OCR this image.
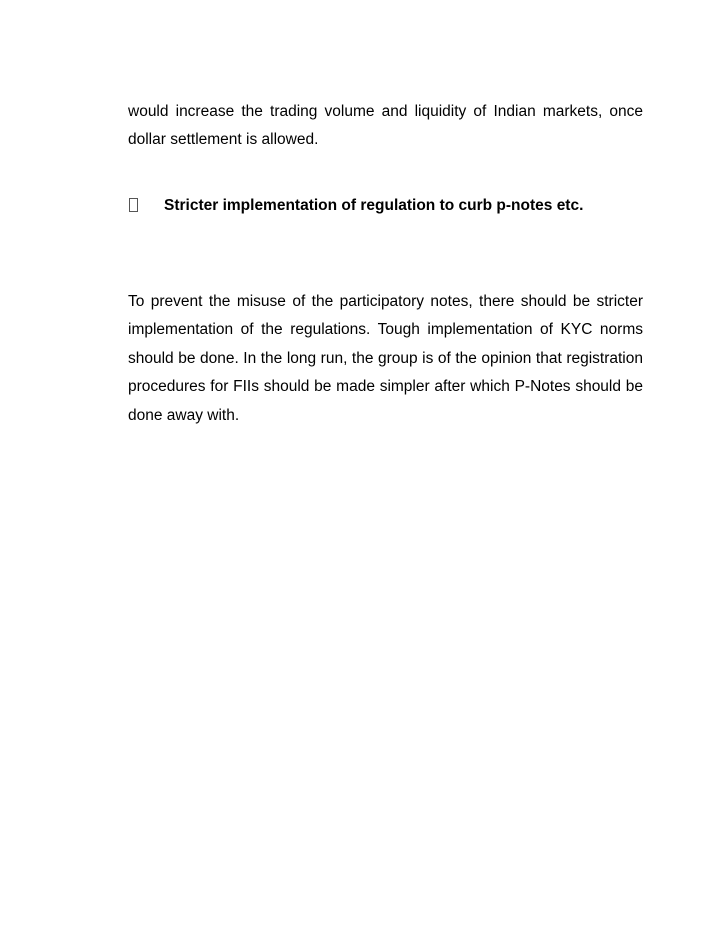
would increase the trading volume and liquidity of Indian markets, once dollar settlement is allowed.

Stricter implementation of regulation to curb p-notes etc.

To prevent the misuse of the participatory notes, there should be stricter implementation of the regulations. Tough implementation of KYC norms should be done. In the long run, the group is of the opinion that registration procedures for FIIs should be made simpler after which P-Notes should be done away with.
